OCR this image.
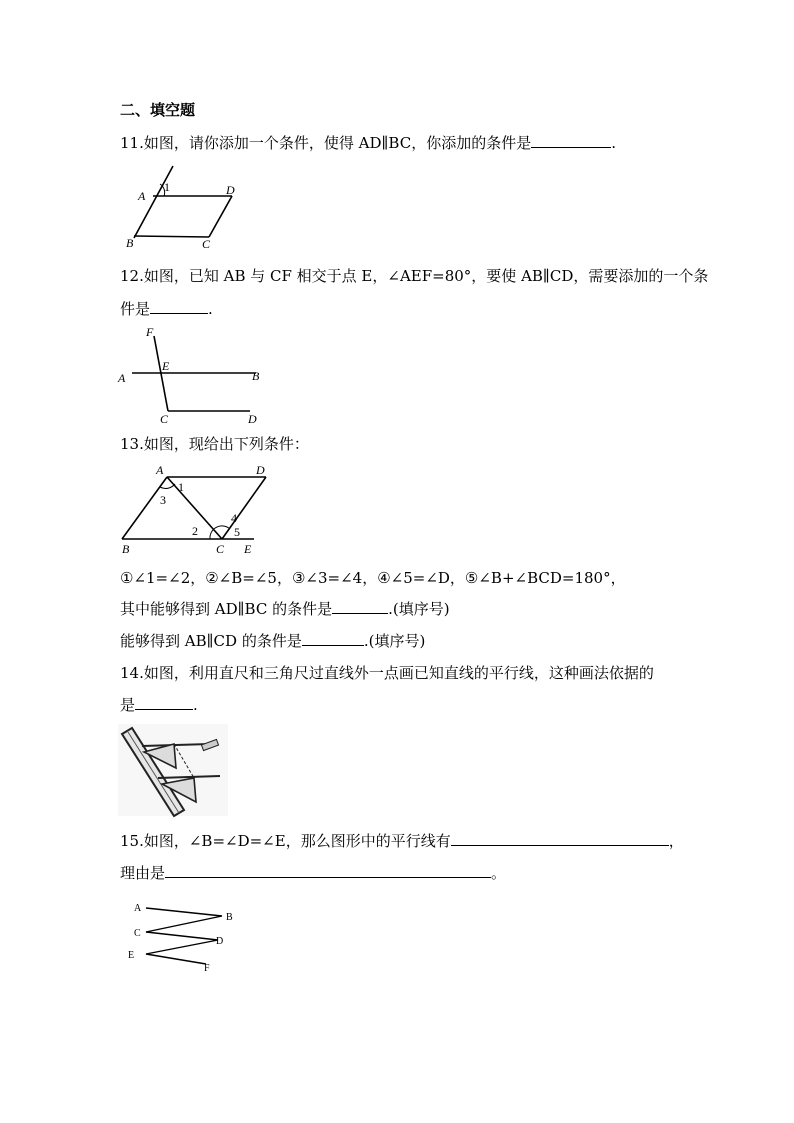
二、填空题
11.如图，请你添加一个条件，使得 AD∥BC，你添加的条件是	.
A
1	D
B	C
12.如图，已知 AB 与 CF 相交于点 E，∠AEF=80°，要使 AB∥CD，需要添加的一个条
件是	.
F
E
A	B
C	D
13.如图，现给出下列条件：
A	D
1
3
4
2	5
B	C E
①∠1=∠2，②∠B=∠5，③∠3=∠4，④∠5=∠D，⑤∠B+∠BCD=180°，
其中能够得到 AD∥BC 的条件是	.(填序号)
能够得到 AB∥CD 的条件是	.(填序号)
14.如图，利用直尺和三角尺过直线外一点画已知直线的平行线，这种画法依据的
是	.
15.如图，∠B=∠D=∠E，那么图形中的平行线有	，
理由是	。
A
B
C
D
E
F
